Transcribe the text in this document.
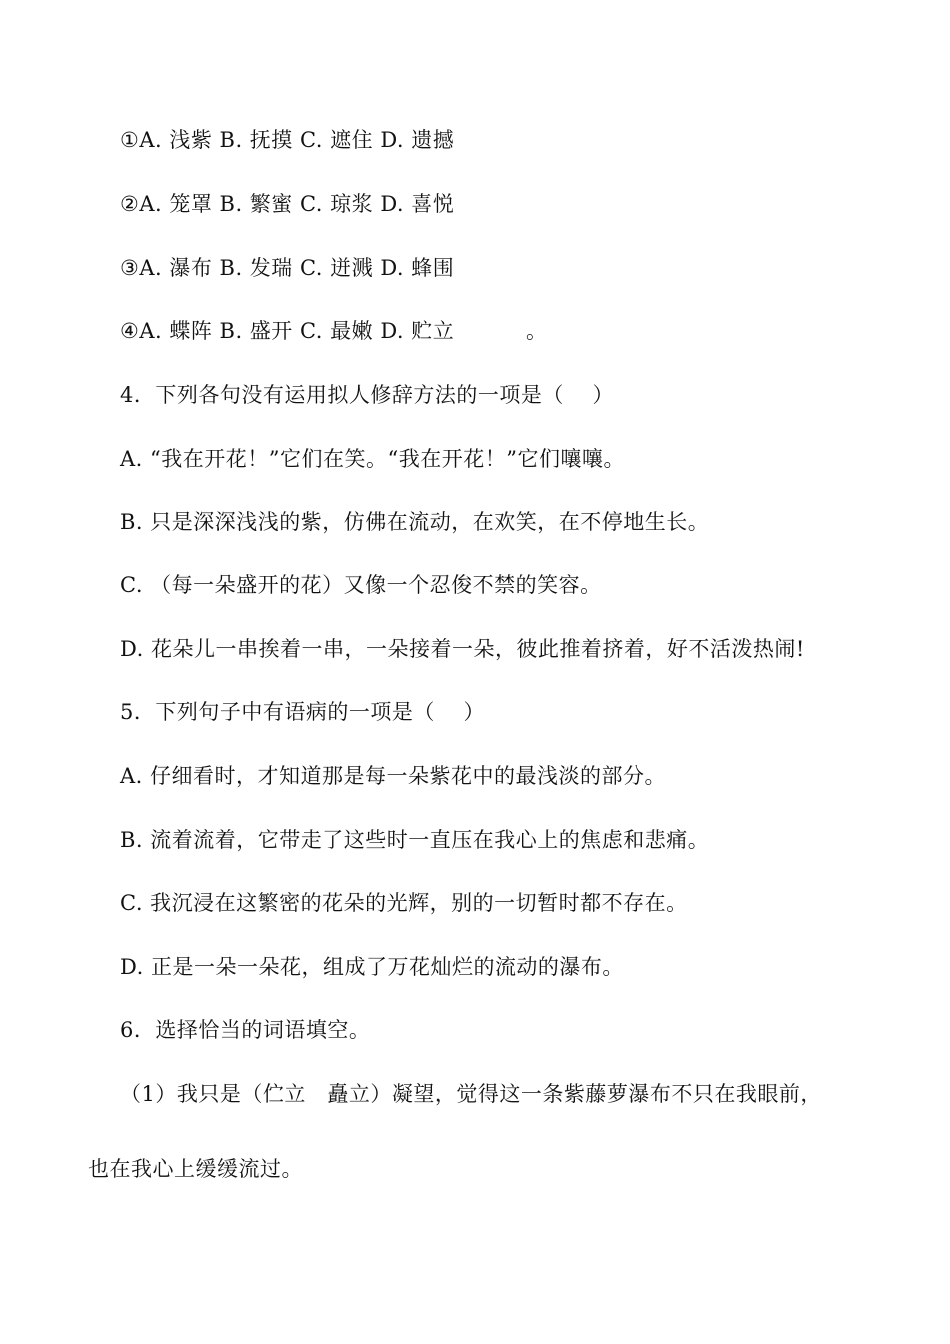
①A. 浅紫 B. 抚摸 C. 遮住 D. 遗撼
②A. 笼罩 B. 繁蜜 C. 琼浆 D. 喜悦
③A. 瀑布 B. 发瑞 C. 迸溅 D. 蜂围
④A. 蝶阵 B. 盛开 C. 最嫩 D. 贮立          。
4．下列各句没有运用拟人修辞方法的一项是（    ）
A. “我在开花！”它们在笑。“我在开花！”它们嚷嚷。
B. 只是深深浅浅的紫，仿佛在流动，在欢笑，在不停地生长。
C. （每一朵盛开的花）又像一个忍俊不禁的笑容。
D. 花朵儿一串挨着一串，一朵接着一朵，彼此推着挤着，好不活泼热闹!
5．下列句子中有语病的一项是（    ）
A. 仔细看时，才知道那是每一朵紫花中的最浅淡的部分。
B. 流着流着，它带走了这些时一直压在我心上的焦虑和悲痛。
C. 我沉浸在这繁密的花朵的光辉，别的一切暂时都不存在。
D. 正是一朵一朵花，组成了万花灿烂的流动的瀑布。
6．选择恰当的词语填空。
（1）我只是（伫立   矗立）凝望，觉得这一条紫藤萝瀑布不只在我眼前，
也在我心上缓缓流过。
